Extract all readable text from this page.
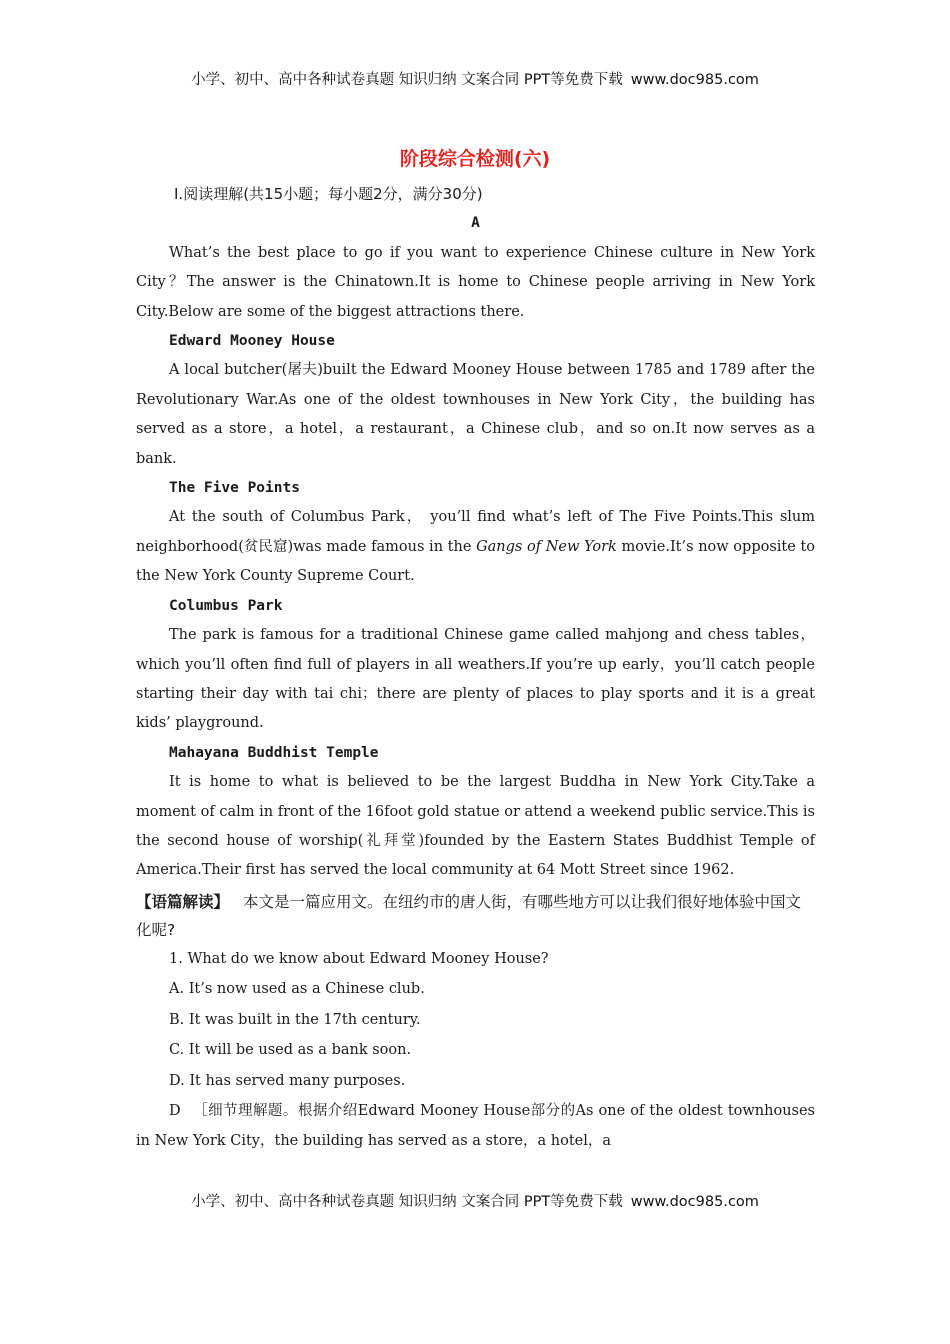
小学、初中、高中各种试卷真题 知识归纳 文案合同 PPT等免费下载 www.doc985.com
阶段综合检测(六)

Ⅰ.阅读理解(共15小题；每小题2分，满分30分)

A

What’s the best place to go if you want to experience Chinese culture in New York City？The answer is the Chinatown.It is home to Chinese people arriving in New York City.Below are some of the biggest attractions there.

Edward Mooney House

A local butcher(屠夫)built the Edward Mooney House between 1785 and 1789 after the Revolutionary War.As one of the oldest townhouses in New York City，the building has served as a store，a hotel，a restaurant，a Chinese club，and so on.It now serves as a bank.

The Five Points

At the south of Columbus Park， you’ll find what’s left of The Five Points.This slum neighborhood(贫民窟)was made famous in the Gangs of New York movie.It’s now opposite to the New York County Supreme Court.

Columbus Park

The park is famous for a traditional Chinese game called mahjong and chess tables，which you’ll often find full of players in all weathers.If you’re up early，you’ll catch people starting their day with tai chi；there are plenty of places to play sports and it is a great kids’ playground.

Mahayana Buddhist Temple

It is home to what is believed to be the largest Buddha in New York City.Take a moment of calm in front of the 16foot gold statue or attend a weekend public service.This is the second house of worship(礼拜堂)founded by the Eastern States Buddhist Temple of America.Their first has served the local community at 64 Mott Street since 1962.

【语篇解读】 本文是一篇应用文。在纽约市的唐人街，有哪些地方可以让我们很好地体验中国文化呢?

1. What do we know about Edward Mooney House?

A. It’s now used as a Chinese club.

B. It was built in the 17th century.

C. It will be used as a bank soon.

D. It has served many purposes.

D ［细节理解题。根据介绍Edward Mooney House部分的As one of the oldest townhouses in New York City，the building has served as a store，a hotel，a

小学、初中、高中各种试卷真题 知识归纳 文案合同 PPT等免费下载 www.doc985.com
